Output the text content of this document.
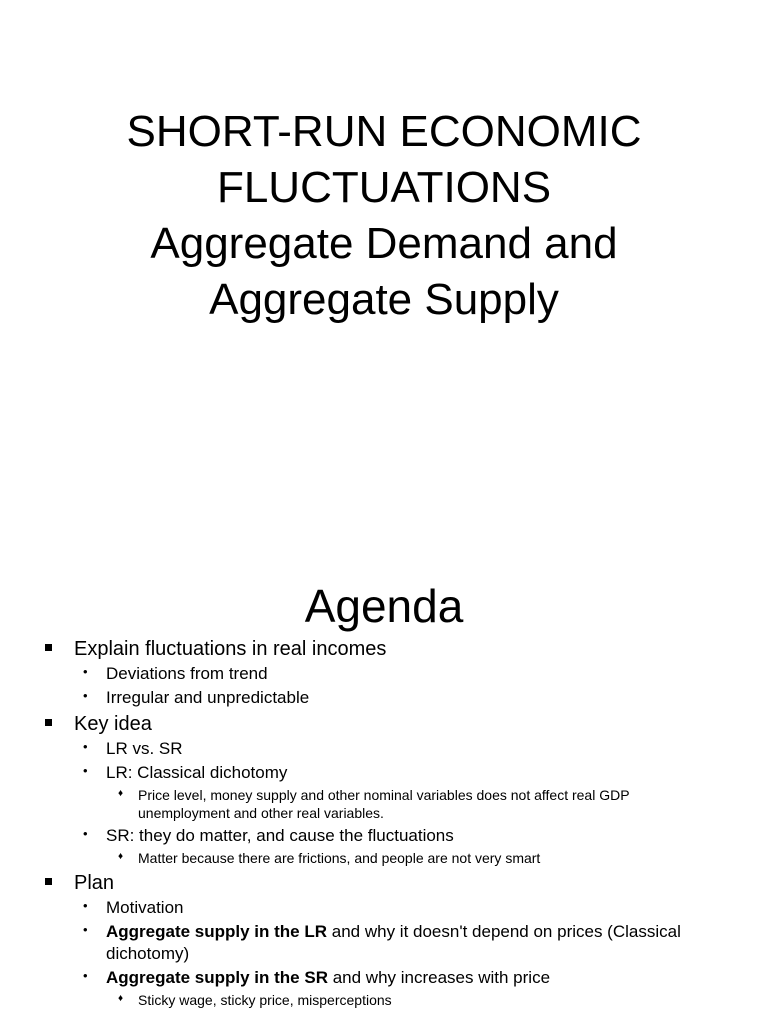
SHORT-RUN ECONOMIC
FLUCTUATIONS
Aggregate Demand and
Aggregate Supply
Agenda
Explain fluctuations in real incomes
• Deviations from trend
• Irregular and unpredictable
Key idea
• LR vs. SR
• LR: Classical dichotomy
♦ Price level, money supply and other nominal variables does not affect real GDP unemployment and other real variables.
• SR: they do matter, and cause the fluctuations
♦ Matter because there are frictions, and people are not very smart
Plan
• Motivation
• Aggregate supply in the LR and why it doesn't depend on prices (Classical dichotomy)
• Aggregate supply in the SR and why increases with price
♦ Sticky wage, sticky price, misperceptions
